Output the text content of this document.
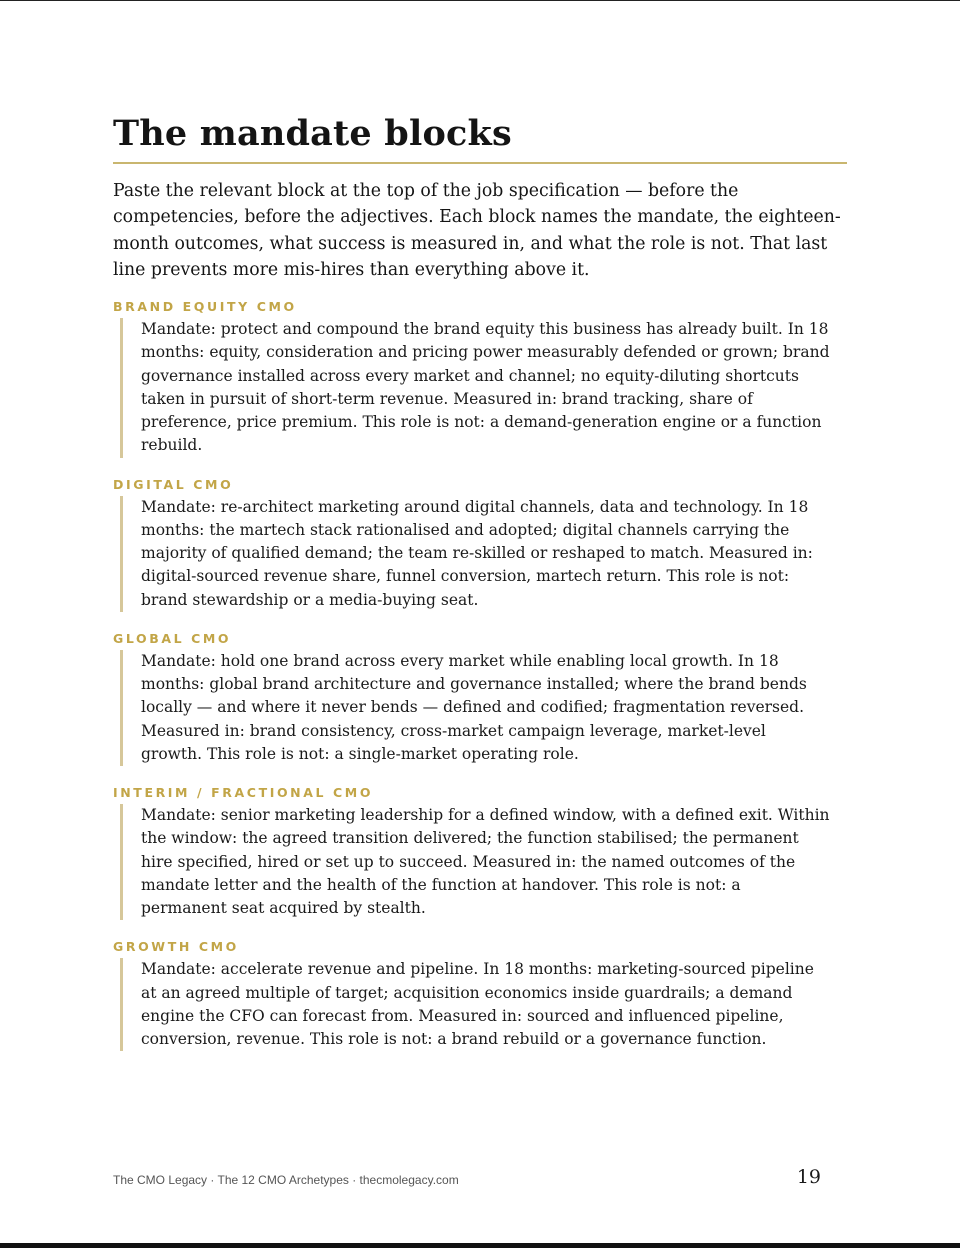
The mandate blocks

Paste the relevant block at the top of the job specification — before the competencies, before the adjectives. Each block names the mandate, the eighteen-month outcomes, what success is measured in, and what the role is not. That last line prevents more mis-hires than everything above it.

BRAND EQUITY CMO
Mandate: protect and compound the brand equity this business has already built. In 18 months: equity, consideration and pricing power measurably defended or grown; brand governance installed across every market and channel; no equity-diluting shortcuts taken in pursuit of short-term revenue. Measured in: brand tracking, share of preference, price premium. This role is not: a demand-generation engine or a function rebuild.
DIGITAL CMO
Mandate: re-architect marketing around digital channels, data and technology. In 18 months: the martech stack rationalised and adopted; digital channels carrying the majority of qualified demand; the team re-skilled or reshaped to match. Measured in: digital-sourced revenue share, funnel conversion, martech return. This role is not: brand stewardship or a media-buying seat.
GLOBAL CMO
Mandate: hold one brand across every market while enabling local growth. In 18 months: global brand architecture and governance installed; where the brand bends locally — and where it never bends — defined and codified; fragmentation reversed. Measured in: brand consistency, cross-market campaign leverage, market-level growth. This role is not: a single-market operating role.
INTERIM / FRACTIONAL CMO
Mandate: senior marketing leadership for a defined window, with a defined exit. Within the window: the agreed transition delivered; the function stabilised; the permanent hire specified, hired or set up to succeed. Measured in: the named outcomes of the mandate letter and the health of the function at handover. This role is not: a permanent seat acquired by stealth.
GROWTH CMO
Mandate: accelerate revenue and pipeline. In 18 months: marketing-sourced pipeline at an agreed multiple of target; acquisition economics inside guardrails; a demand engine the CFO can forecast from. Measured in: sourced and influenced pipeline, conversion, revenue. This role is not: a brand rebuild or a governance function.
The CMO Legacy · The 12 CMO Archetypes · thecmolegacy.com	19
